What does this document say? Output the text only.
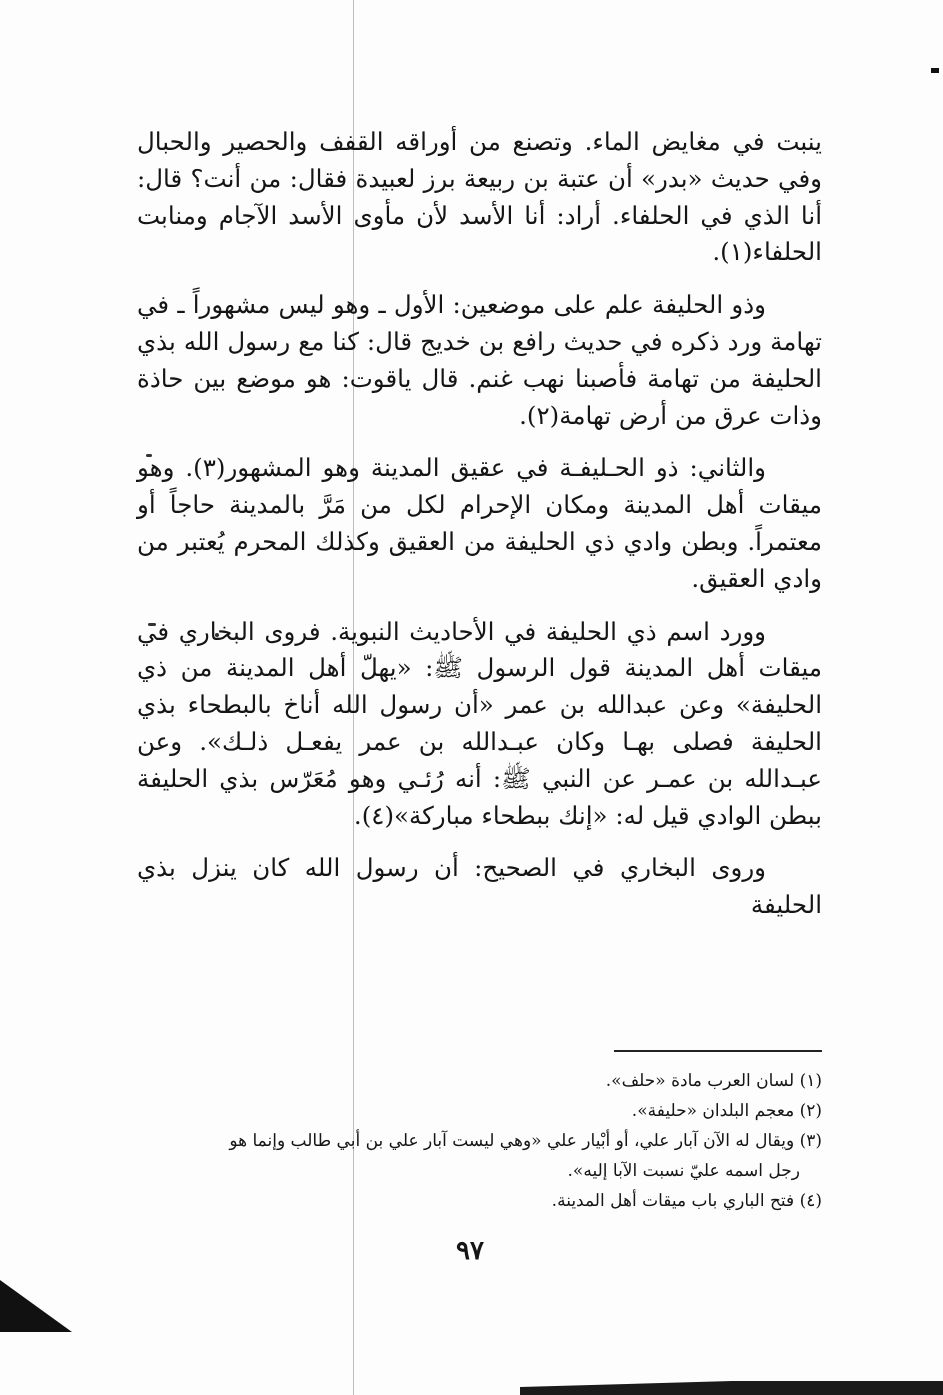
ينبت في مغايض الماء. وتصنع من أوراقه القفف والحصير والحبال وفي حديث «بدر» أن عتبة بن ربيعة برز لعبيدة فقال: من أنت؟ قال: أنا الذي في الحلفاء. أراد: أنا الأسد لأن مأوى الأسد الآجام ومنابت الحلفاء(١).

وذو الحليفة علم على موضعين: الأول ـ وهو ليس مشهوراً ـ في تهامة ورد ذكره في حديث رافع بن خديج قال: كنا مع رسول الله بذي الحليفة من تهامة فأصبنا نهب غنم. قال ياقوت: هو موضع بين حاذة وذات عرق من أرض تهامة(٢).

والثاني: ذو الحـليفـة في عقيق المدينة وهو المشهور(٣). وهو ميقات أهل المدينة ومكان الإحرام لكل من مَرَّ بالمدينة حاجاً أو معتمراً. وبطن وادي ذي الحليفة من العقيق وكذلك المحرم يُعتبر من وادي العقيق.

وورد اسم ذي الحليفة في الأحاديث النبوية. فروى البخاري في ميقات أهل المدينة قول الرسول ﷺ: «يهلّ أهل المدينة من ذي الحليفة» وعن عبدالله بن عمر «أن رسول الله أناخ بالبطحاء بذي الحليفة فصلى بهـا وكان عبـدالله بن عمر يفعـل ذلـك». وعن عبـدالله بن عمـر عن النبي ﷺ: أنه رُئـي وهو مُعَرّس بذي الحليفة ببطن الوادي قيل له: «إنك ببطحاء مباركة»(٤).

وروى البخاري في الصحيح: أن رسول الله كان ينزل بذي الحليفة

(١) لسان العرب مادة «حلف».
(٢) معجم البلدان «حليفة».
(٣) ويقال له الآن آبار علي، أو أبْيار علي «وهي ليست آبار علي بن أبي طالب وإنما هو
رجل اسمه عليّ نسبت الآبا إليه».
(٤) فتح الباري باب ميقات أهل المدينة.
٩٧
